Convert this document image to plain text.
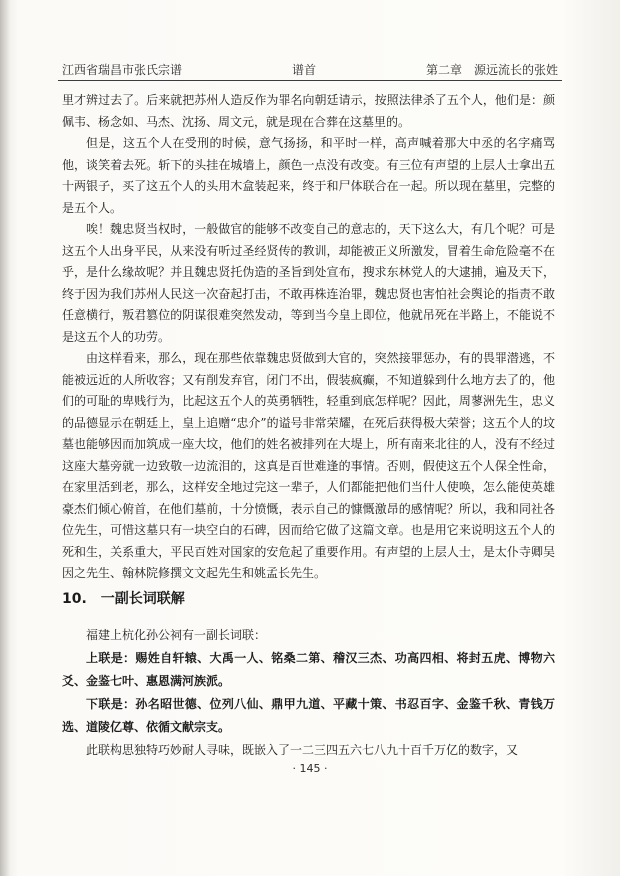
江西省瑞昌市张氏宗谱	谱首	第二章　源远流长的张姓

里才辨过去了。后来就把苏州人造反作为罪名向朝廷请示，按照法律杀了五个人，他们是：颜佩韦、杨念如、马杰、沈扬、周文元，就是现在合葬在这墓里的。

但是，这五个人在受刑的时候，意气扬扬，和平时一样，高声喊着那大中丞的名字痛骂他，谈笑着去死。斩下的头挂在城墙上，颜色一点没有改变。有三位有声望的上层人士拿出五十两银子，买了这五个人的头用木盒装起来，终于和尸体联合在一起。所以现在墓里，完整的是五个人。

唉！魏忠贤当权时，一般做官的能够不改变自己的意志的，天下这么大，有几个呢？可是这五个人出身平民，从来没有听过圣经贤传的教训，却能被正义所激发，冒着生命危险毫不在乎，是什么缘故呢？并且魏忠贤托伪造的圣旨到处宣布，搜求东林党人的大逮捕，遍及天下，终于因为我们苏州人民这一次奋起打击，不敢再株连治罪，魏忠贤也害怕社会舆论的指责不敢任意横行，叛君篡位的阴谋很难突然发动，等到当今皇上即位，他就吊死在半路上，不能说不是这五个人的功劳。

由这样看来，那么，现在那些依靠魏忠贤做到大官的，突然接罪惩办，有的畏罪潜逃，不能被远近的人所收容；又有削发弃官，闭门不出，假装疯癫，不知道躲到什么地方去了的，他们的可耻的卑贱行为，比起这五个人的英勇牺牲，轻重到底怎样呢？因此，周蓼洲先生，忠义的品德显示在朝廷上，皇上追赠“忠介”的谥号非常荣耀，在死后获得极大荣誉；这五个人的坟墓也能够因而加筑成一座大坟，他们的姓名被排列在大堤上，所有南来北往的人，没有不经过这座大墓旁就一边致敬一边流泪的，这真是百世难逢的事情。否则，假使这五个人保全性命，在家里活到老，那么，这样安全地过完这一辈子，人们都能把他们当什人使唤，怎么能使英雄豪杰们倾心俯首，在他们墓前，十分愤慨，表示自己的慷慨激昂的感情呢？所以，我和同社各位先生，可惜这墓只有一块空白的石碑，因而给它做了这篇文章。也是用它来说明这五个人的死和生，关系重大，平民百姓对国家的安危起了重要作用。有声望的上层人士，是太仆寺卿吴因之先生、翰林院修撰文文起先生和姚孟长先生。

10.　一副长词联解

福建上杭化孙公祠有一副长词联：

上联是：赐姓自轩辕、大禹一人、铭桑二第、稽汉三杰、功高四相、将封五虎、博物六爻、金鉴七叶、惠恩满河族派。

下联是：孙名昭世德、位列八仙、鼎甲九道、平藏十策、书忍百字、金鉴千秋、青钱万选、道陵亿尊、依循文献宗支。

此联构思独特巧妙耐人寻味，既嵌入了一二三四五六七八九十百千万亿的数字，又

· 145 ·
